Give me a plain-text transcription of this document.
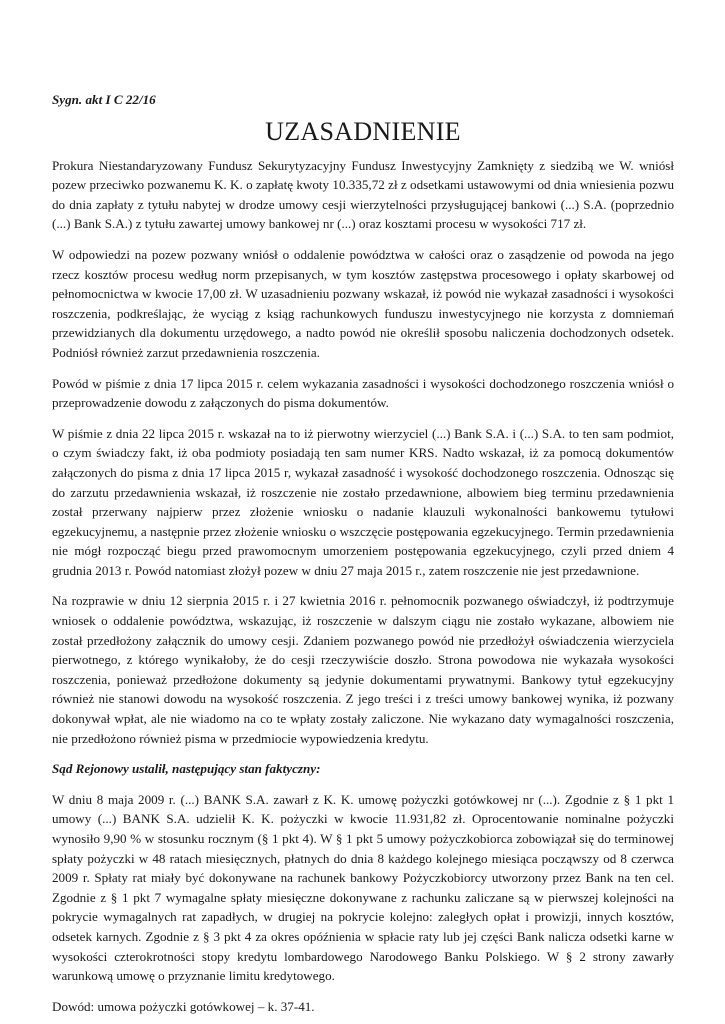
Sygn. akt I C 22/16

UZASADNIENIE

Prokura Niestandaryzowany Fundusz Sekurytyzacyjny Fundusz Inwestycyjny Zamknięty z siedzibą we W. wniósł pozew przeciwko pozwanemu K. K. o zapłatę kwoty 10.335,72 zł z odsetkami ustawowymi od dnia wniesienia pozwu do dnia zapłaty z tytułu nabytej w drodze umowy cesji wierzytelności przysługującej bankowi (...) S.A. (poprzednio (...) Bank S.A.) z tytułu zawartej umowy bankowej nr (...) oraz kosztami procesu w wysokości 717 zł.

W odpowiedzi na pozew pozwany wniósł o oddalenie powództwa w całości oraz o zasądzenie od powoda na jego rzecz kosztów procesu według norm przepisanych, w tym kosztów zastępstwa procesowego i opłaty skarbowej od pełnomocnictwa w kwocie 17,00 zł. W uzasadnieniu pozwany wskazał, iż powód nie wykazał zasadności i wysokości roszczenia, podkreślając, że wyciąg z ksiąg rachunkowych funduszu inwestycyjnego nie korzysta z domniemań przewidzianych dla dokumentu urzędowego, a nadto powód nie określił sposobu naliczenia dochodzonych odsetek. Podniósł również zarzut przedawnienia roszczenia.

Powód w piśmie z dnia 17 lipca 2015 r. celem wykazania zasadności i wysokości dochodzonego roszczenia wniósł o przeprowadzenie dowodu z załączonych do pisma dokumentów.

W piśmie z dnia 22 lipca 2015 r. wskazał na to iż pierwotny wierzyciel (...) Bank S.A. i (...) S.A. to ten sam podmiot, o czym świadczy fakt, iż oba podmioty posiadają ten sam numer KRS. Nadto wskazał, iż za pomocą dokumentów załączonych do pisma z dnia 17 lipca 2015 r, wykazał zasadność i wysokość dochodzonego roszczenia. Odnosząc się do zarzutu przedawnienia wskazał, iż roszczenie nie zostało przedawnione, albowiem bieg terminu przedawnienia został przerwany najpierw przez złożenie wniosku o nadanie klauzuli wykonalności bankowemu tytułowi egzekucyjnemu, a następnie przez złożenie wniosku o wszczęcie postępowania egzekucyjnego. Termin przedawnienia nie mógł rozpocząć biegu przed prawomocnym umorzeniem postępowania egzekucyjnego, czyli przed dniem 4 grudnia 2013 r. Powód natomiast złożył pozew w dniu 27 maja 2015 r., zatem roszczenie nie jest przedawnione.

Na rozprawie w dniu 12 sierpnia 2015 r. i 27 kwietnia 2016 r. pełnomocnik pozwanego oświadczył, iż podtrzymuje wniosek o oddalenie powództwa, wskazując, iż roszczenie w dalszym ciągu nie zostało wykazane, albowiem nie został przedłożony załącznik do umowy cesji. Zdaniem pozwanego powód nie przedłożył oświadczenia wierzyciela pierwotnego, z którego wynikałoby, że do cesji rzeczywiście doszło. Strona powodowa nie wykazała wysokości roszczenia, ponieważ przedłożone dokumenty są jedynie dokumentami prywatnymi. Bankowy tytuł egzekucyjny również nie stanowi dowodu na wysokość roszczenia. Z jego treści i z treści umowy bankowej wynika, iż pozwany dokonywał wpłat, ale nie wiadomo na co te wpłaty zostały zaliczone. Nie wykazano daty wymagalności roszczenia, nie przedłożono również pisma w przedmiocie wypowiedzenia kredytu.

Sąd Rejonowy ustalił, następujący stan faktyczny:

W dniu 8 maja 2009 r. (...) BANK S.A. zawarł z K. K. umowę pożyczki gotówkowej nr (...). Zgodnie z § 1 pkt 1 umowy (...) BANK S.A. udzielił K. K. pożyczki w kwocie 11.931,82 zł. Oprocentowanie nominalne pożyczki wynosiło 9,90 % w stosunku rocznym (§ 1 pkt 4). W § 1 pkt 5 umowy pożyczkobiorca zobowiązał się do terminowej spłaty pożyczki w 48 ratach miesięcznych, płatnych do dnia 8 każdego kolejnego miesiąca począwszy od 8 czerwca 2009 r. Spłaty rat miały być dokonywane na rachunek bankowy Pożyczkobiorcy utworzony przez Bank na ten cel. Zgodnie z § 1 pkt 7 wymagalne spłaty miesięczne dokonywane z rachunku zaliczane są w pierwszej kolejności na pokrycie wymagalnych rat zapadłych, w drugiej na pokrycie kolejno: zaległych opłat i prowizji, innych kosztów, odsetek karnych. Zgodnie z § 3 pkt 4 za okres opóźnienia w spłacie raty lub jej części Bank nalicza odsetki karne w wysokości czterokrotności stopy kredytu lombardowego Narodowego Banku Polskiego. W § 2 strony zawarły warunkową umowę o przyznanie limitu kredytowego.

Dowód: umowa pożyczki gotówkowej – k. 37-41.
